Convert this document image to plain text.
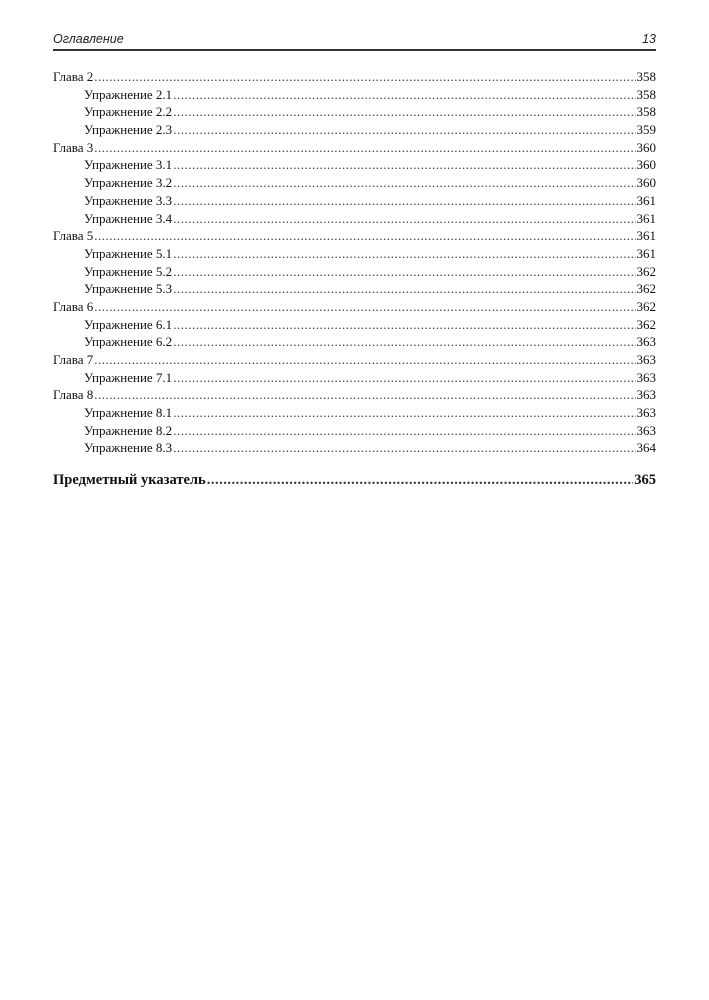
Оглавление	13
Глава 2 .....	358
Упражнение 2.1 .....	358
Упражнение 2.2 .....	358
Упражнение 2.3 .....	359
Глава 3 .....	360
Упражнение 3.1 .....	360
Упражнение 3.2 .....	360
Упражнение 3.3 .....	361
Упражнение 3.4 .....	361
Глава 5 .....	361
Упражнение 5.1 .....	361
Упражнение 5.2 .....	362
Упражнение 5.3 .....	362
Глава 6 .....	362
Упражнение 6.1 .....	362
Упражнение 6.2 .....	363
Глава 7 .....	363
Упражнение 7.1 .....	363
Глава 8 .....	363
Упражнение 8.1 .....	363
Упражнение 8.2 .....	363
Упражнение 8.3 .....	364
Предметный указатель .....	365
